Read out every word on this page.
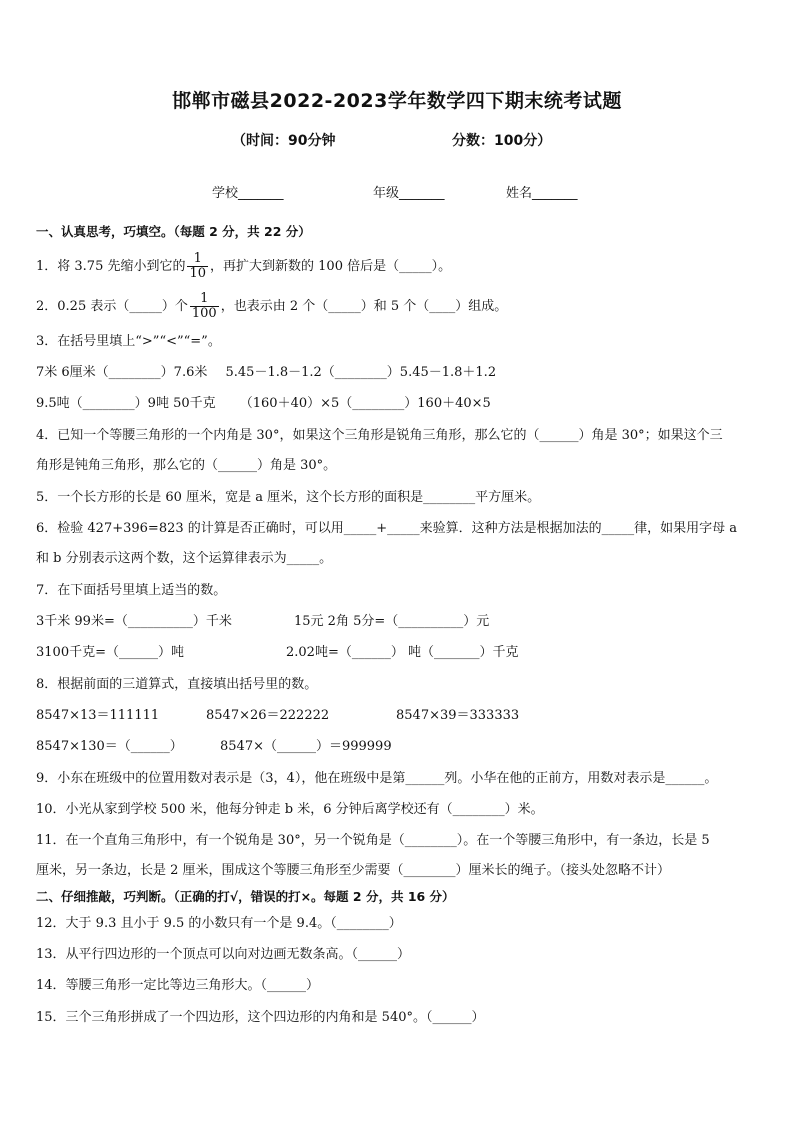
邯郸市磁县2022-2023学年数学四下期末统考试题
（时间：90分钟	分数：100分）
学校_______	年级_______	姓名_______
一、认真思考，巧填空。（每题 2 分，共 22 分）
1．将 3.75 先缩小到它的 $\frac{1}{10}$ ，再扩大到新数的 100 倍后是（_____）。
2．0.25 表示（_____）个 $\frac{1}{100}$ ，也表示由 2 个（_____）和 5 个（____）组成。
3．在括号里填上“>”“<”“=”。
7米 6厘米（________）7.6米 5.45－1.8－1.2（________）5.45－1.8＋1.2
9.5吨（________）9吨 50千克 （160＋40）×5（________）160＋40×5
4．已知一个等腰三角形的一个内角是 30°，如果这个三角形是锐角三角形，那么它的（______）角是 30°；如果这个三
角形是钝角三角形，那么它的（______）角是 30°。
5．一个长方形的长是 60 厘米，宽是 a 厘米，这个长方形的面积是________平方厘米。
6．检验 427+396=823 的计算是否正确时，可以用_____+_____来验算．这种方法是根据加法的_____律，如果用字母 a
和 b 分别表示这两个数，这个运算律表示为_____。
7．在下面括号里填上适当的数。
3千米 99米=（__________）千米	15元 2角 5分=（__________）元
3100千克=（______）吨	2.02吨=（______） 吨（_______）千克
8．根据前面的三道算式，直接填出括号里的数。
8547×13＝111111	8547×26＝222222	8547×39＝333333
8547×130＝（______）	8547×（______）＝999999
9．小东在班级中的位置用数对表示是（3，4），他在班级中是第______列。小华在他的正前方，用数对表示是______。
10．小光从家到学校 500 米，他每分钟走 b 米，6 分钟后离学校还有（________）米。
11．在一个直角三角形中，有一个锐角是 30°，另一个锐角是（________）。在一个等腰三角形中，有一条边，长是 5
厘米，另一条边，长是 2 厘米，围成这个等腰三角形至少需要（________）厘米长的绳子。（接头处忽略不计）
二、仔细推敲，巧判断。（正确的打√，错误的打×。每题 2 分，共 16 分）
12．大于 9.3 且小于 9.5 的小数只有一个是 9.4。（________）
13．从平行四边形的一个顶点可以向对边画无数条高。（______）
14．等腰三角形一定比等边三角形大。（______）
15．三个三角形拼成了一个四边形，这个四边形的内角和是 540°。（______）
